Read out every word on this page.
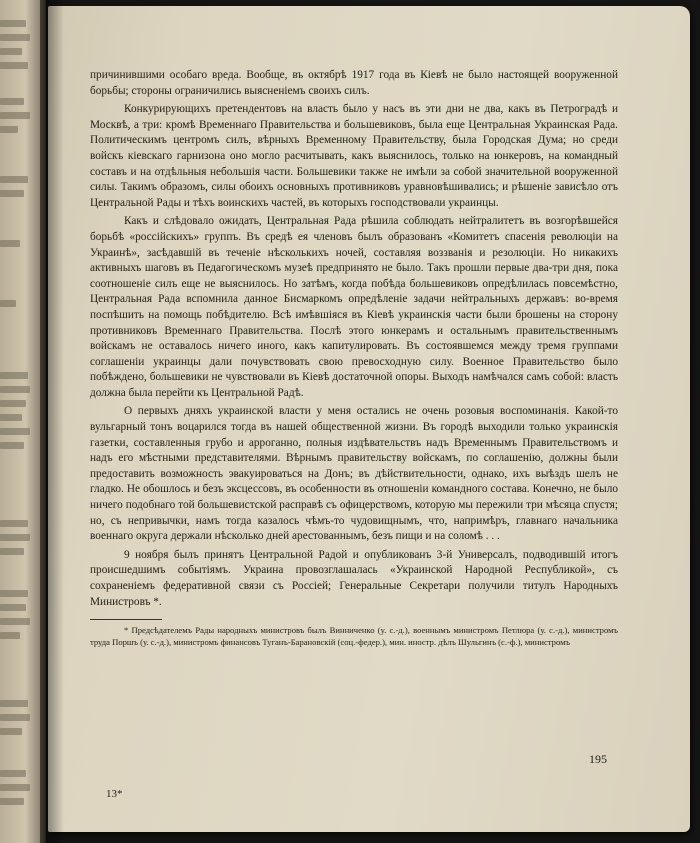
причинившими особаго вреда. Вообще, въ октябрѣ 1917 года въ Кіевѣ не было настоящей вооруженной борьбы; стороны ограничились выясненіемъ своихъ силъ.

Конкурирующихъ претендентовъ на власть было у насъ въ эти дни не два, какъ въ Петроградѣ и Москвѣ, а три: кромѣ Временнаго Правительства и большевиковъ, была еще Центральная Украинская Рада. Политическимъ центромъ силъ, вѣрныхъ Временному Правительству, была Городская Дума; но среди войскъ кіевскаго гарнизона оно могло расчитывать, какъ выяснилось, только на юнкеровъ, на командный составъ и на отдѣльныя небольшія части. Большевики также не имѣли за собой значительной вооруженной силы. Такимъ образомъ, силы обоихъ основныхъ противниковъ уравновѣшивались; и рѣшеніе зависѣло отъ Центральной Рады и тѣхъ воинскихъ частей, въ которыхъ господствовали украинцы.

Какъ и слѣдовало ожидать, Центральная Рада рѣшила соблюдать нейтралитетъ въ возгорѣвшейся борьбѣ «россійскихъ» группъ. Въ средѣ ея членовъ былъ образованъ «Комитетъ спасенія революціи на Украинѣ», засѣдавшій въ теченіе нѣсколькихъ ночей, составляя воззванія и резолюціи. Но никакихъ активныхъ шаговъ въ Педагогическомъ музеѣ предпринято не было. Такъ прошли первые два-три дня, пока соотношеніе силъ еще не выяснилось. Но затѣмъ, когда побѣда большевиковъ опредѣлилась повсемѣстно, Центральная Рада вспомнила данное Бисмаркомъ опредѣленіе задачи нейтральныхъ державъ: во-время поспѣшить на помощь побѣдителю. Всѣ имѣвшіяся въ Кіевѣ украинскія части были брошены на сторону противниковъ Временнаго Правительства. Послѣ этого юнкерамъ и остальнымъ правительственнымъ войскамъ не оставалось ничего иного, какъ капитулировать. Въ состоявшемся между тремя группами соглашеніи украинцы дали почувствовать свою превосходную силу. Военное Правительство было побѣждено, большевики не чувствовали въ Кіевѣ достаточной опоры. Выходъ намѣчался самъ собой: власть должна была перейти къ Центральной Радѣ.

О первыхъ дняхъ украинской власти у меня остались не очень розовыя воспоминанія. Какой-то вульгарный тонъ воцарился тогда въ нашей общественной жизни. Въ городѣ выходили только украинскія газетки, составленныя грубо и арроганно, полныя издѣвательствъ надъ Временнымъ Правительствомъ и надъ его мѣстными представителями. Вѣрнымъ правительству войскамъ, по соглашенію, должны были предоставить возможность эвакуироваться на Донъ; въ дѣйствительности, однако, ихъ выѣздъ шелъ не гладко. Не обошлось и безъ эксцессовъ, въ особенности въ отношеніи командного состава. Конечно, не было ничего подобнаго той большевистской расправѣ съ офицерствомъ, которую мы пережили три мѣсяца спустя; но, съ непривычки, намъ тогда казалось чѣмъ-то чудовищнымъ, что, напримѣръ, главнаго начальника военнаго округа держали нѣсколько дней арестованнымъ, безъ пищи и на соломѣ . . .

9 ноября былъ принятъ Центральной Радой и опубликованъ 3-й Универсалъ, подводившій итогъ происшедшимъ событіямъ. Украина провозглашалась «Украинской Народной Республикой», съ сохраненіемъ федеративной связи съ Россіей; Генеральные Секретари получили титулъ Народныхъ Министровъ *.

* Предсѣдателемъ Рады народныхъ министровъ былъ Винниченко (у. с.-д.), военнымъ министромъ Петлюра (у. с.-д.), министромъ труда Поршъ (у. с.-д.), министромъ финансовъ Туганъ-Барановскій (соц.-федер.), мин. иностр. дѣлъ Шульгинъ (с.-ф.), министромъ

195
13*
